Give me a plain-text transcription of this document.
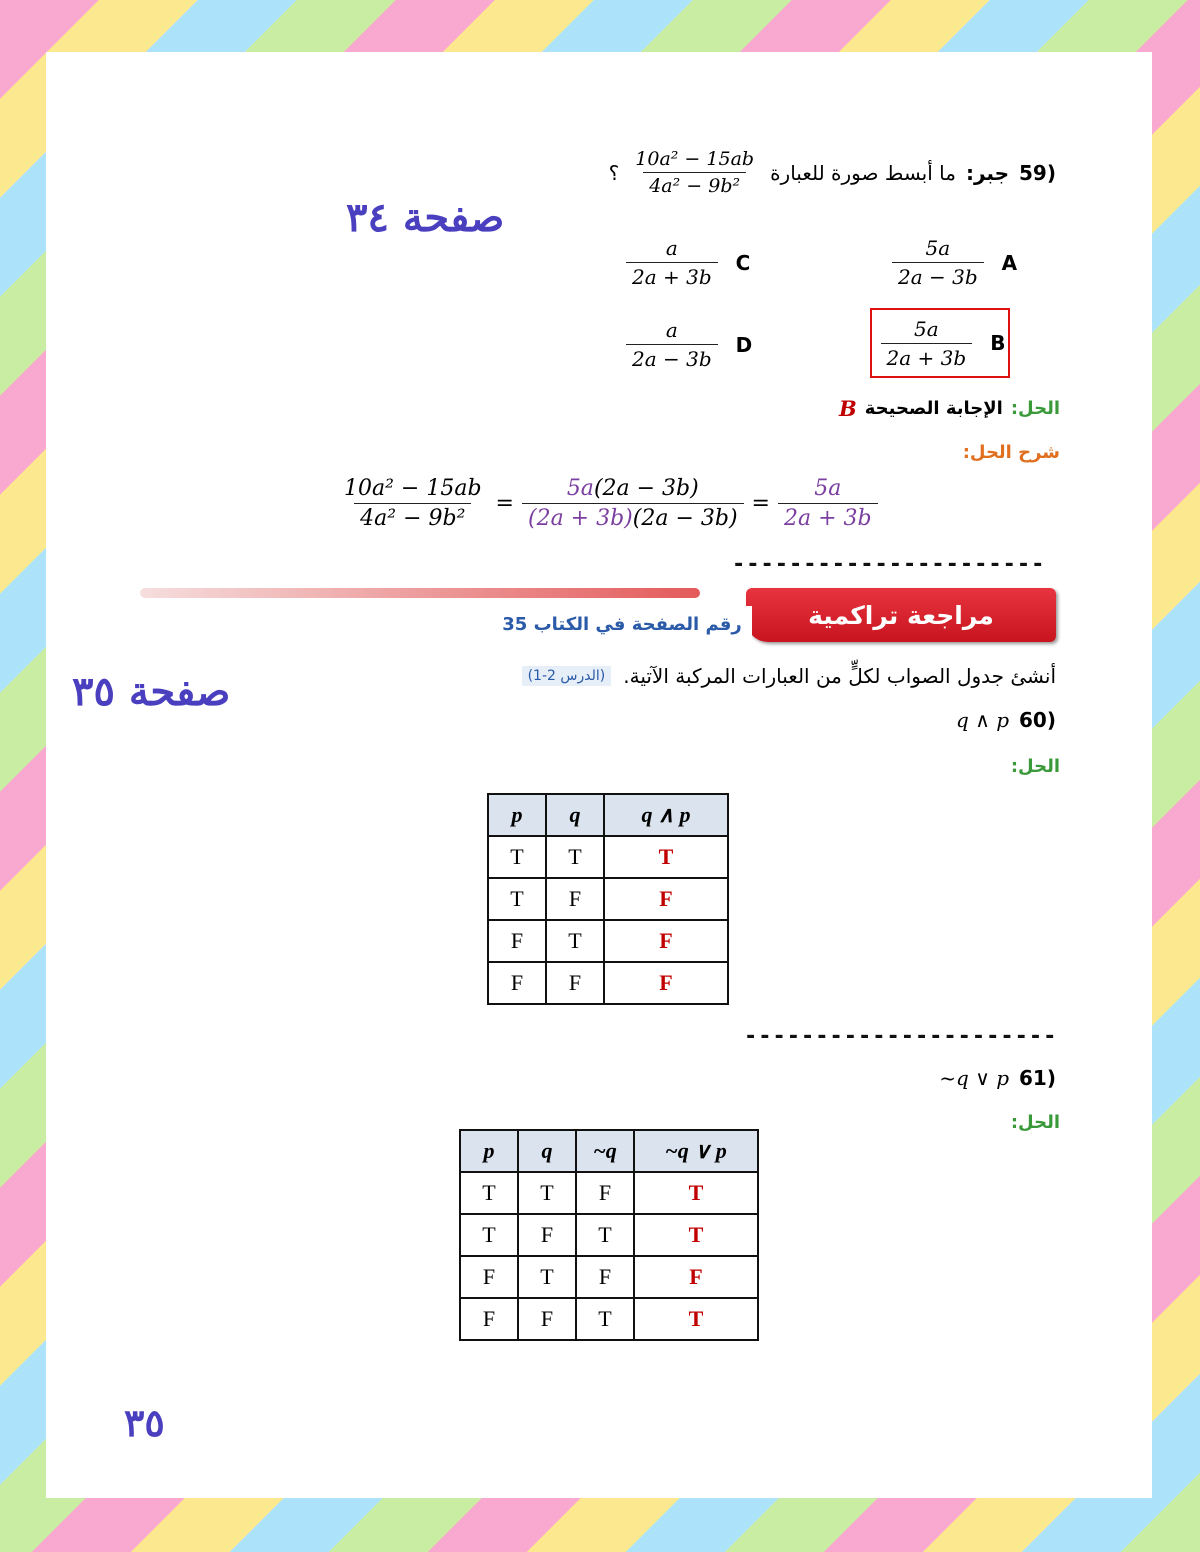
صفحة ٣٤
59)
جبر:
ما أبسط صورة للعبارة
$\frac{\text{10a² − 15ab}}{\text{4a² − 9b²}}$
؟
$\frac{5a}{2a - 3b}$ A
$\frac{5a}{2a + 3b}$ B
$\frac{a}{2a + 3b}$ C
$\frac{a}{2a - 3b}$ D
الحل:
الإجابة الصحيحة
B
شرح الحل:
$\frac{\text{10a² − 15ab}}{\text{4a² − 9b²}} = \frac{5a(2a - 3b)}{(2a + 3b)(2a - 3b)} = \frac{5a}{2a + 3b}$
----------------------
مراجعة تراكمية
رقم الصفحة في الكتاب 35
صفحة ٣٥	أنشئ جدول الصواب لكلٍّ من العبارات المركبة الآتية.
(الدرس 2-1)
60)
q ∧ p
الحل:
p	q	q ∧ p
T	T	T
T	F	F
F	T	F
F	F	F
----------------------
61)
~q ∨ p
الحل:
p	q	~q	~q ∨ p
T	T	F	T
T	F	T	T
F	T	F	F
F	F	T	T
٣٥
